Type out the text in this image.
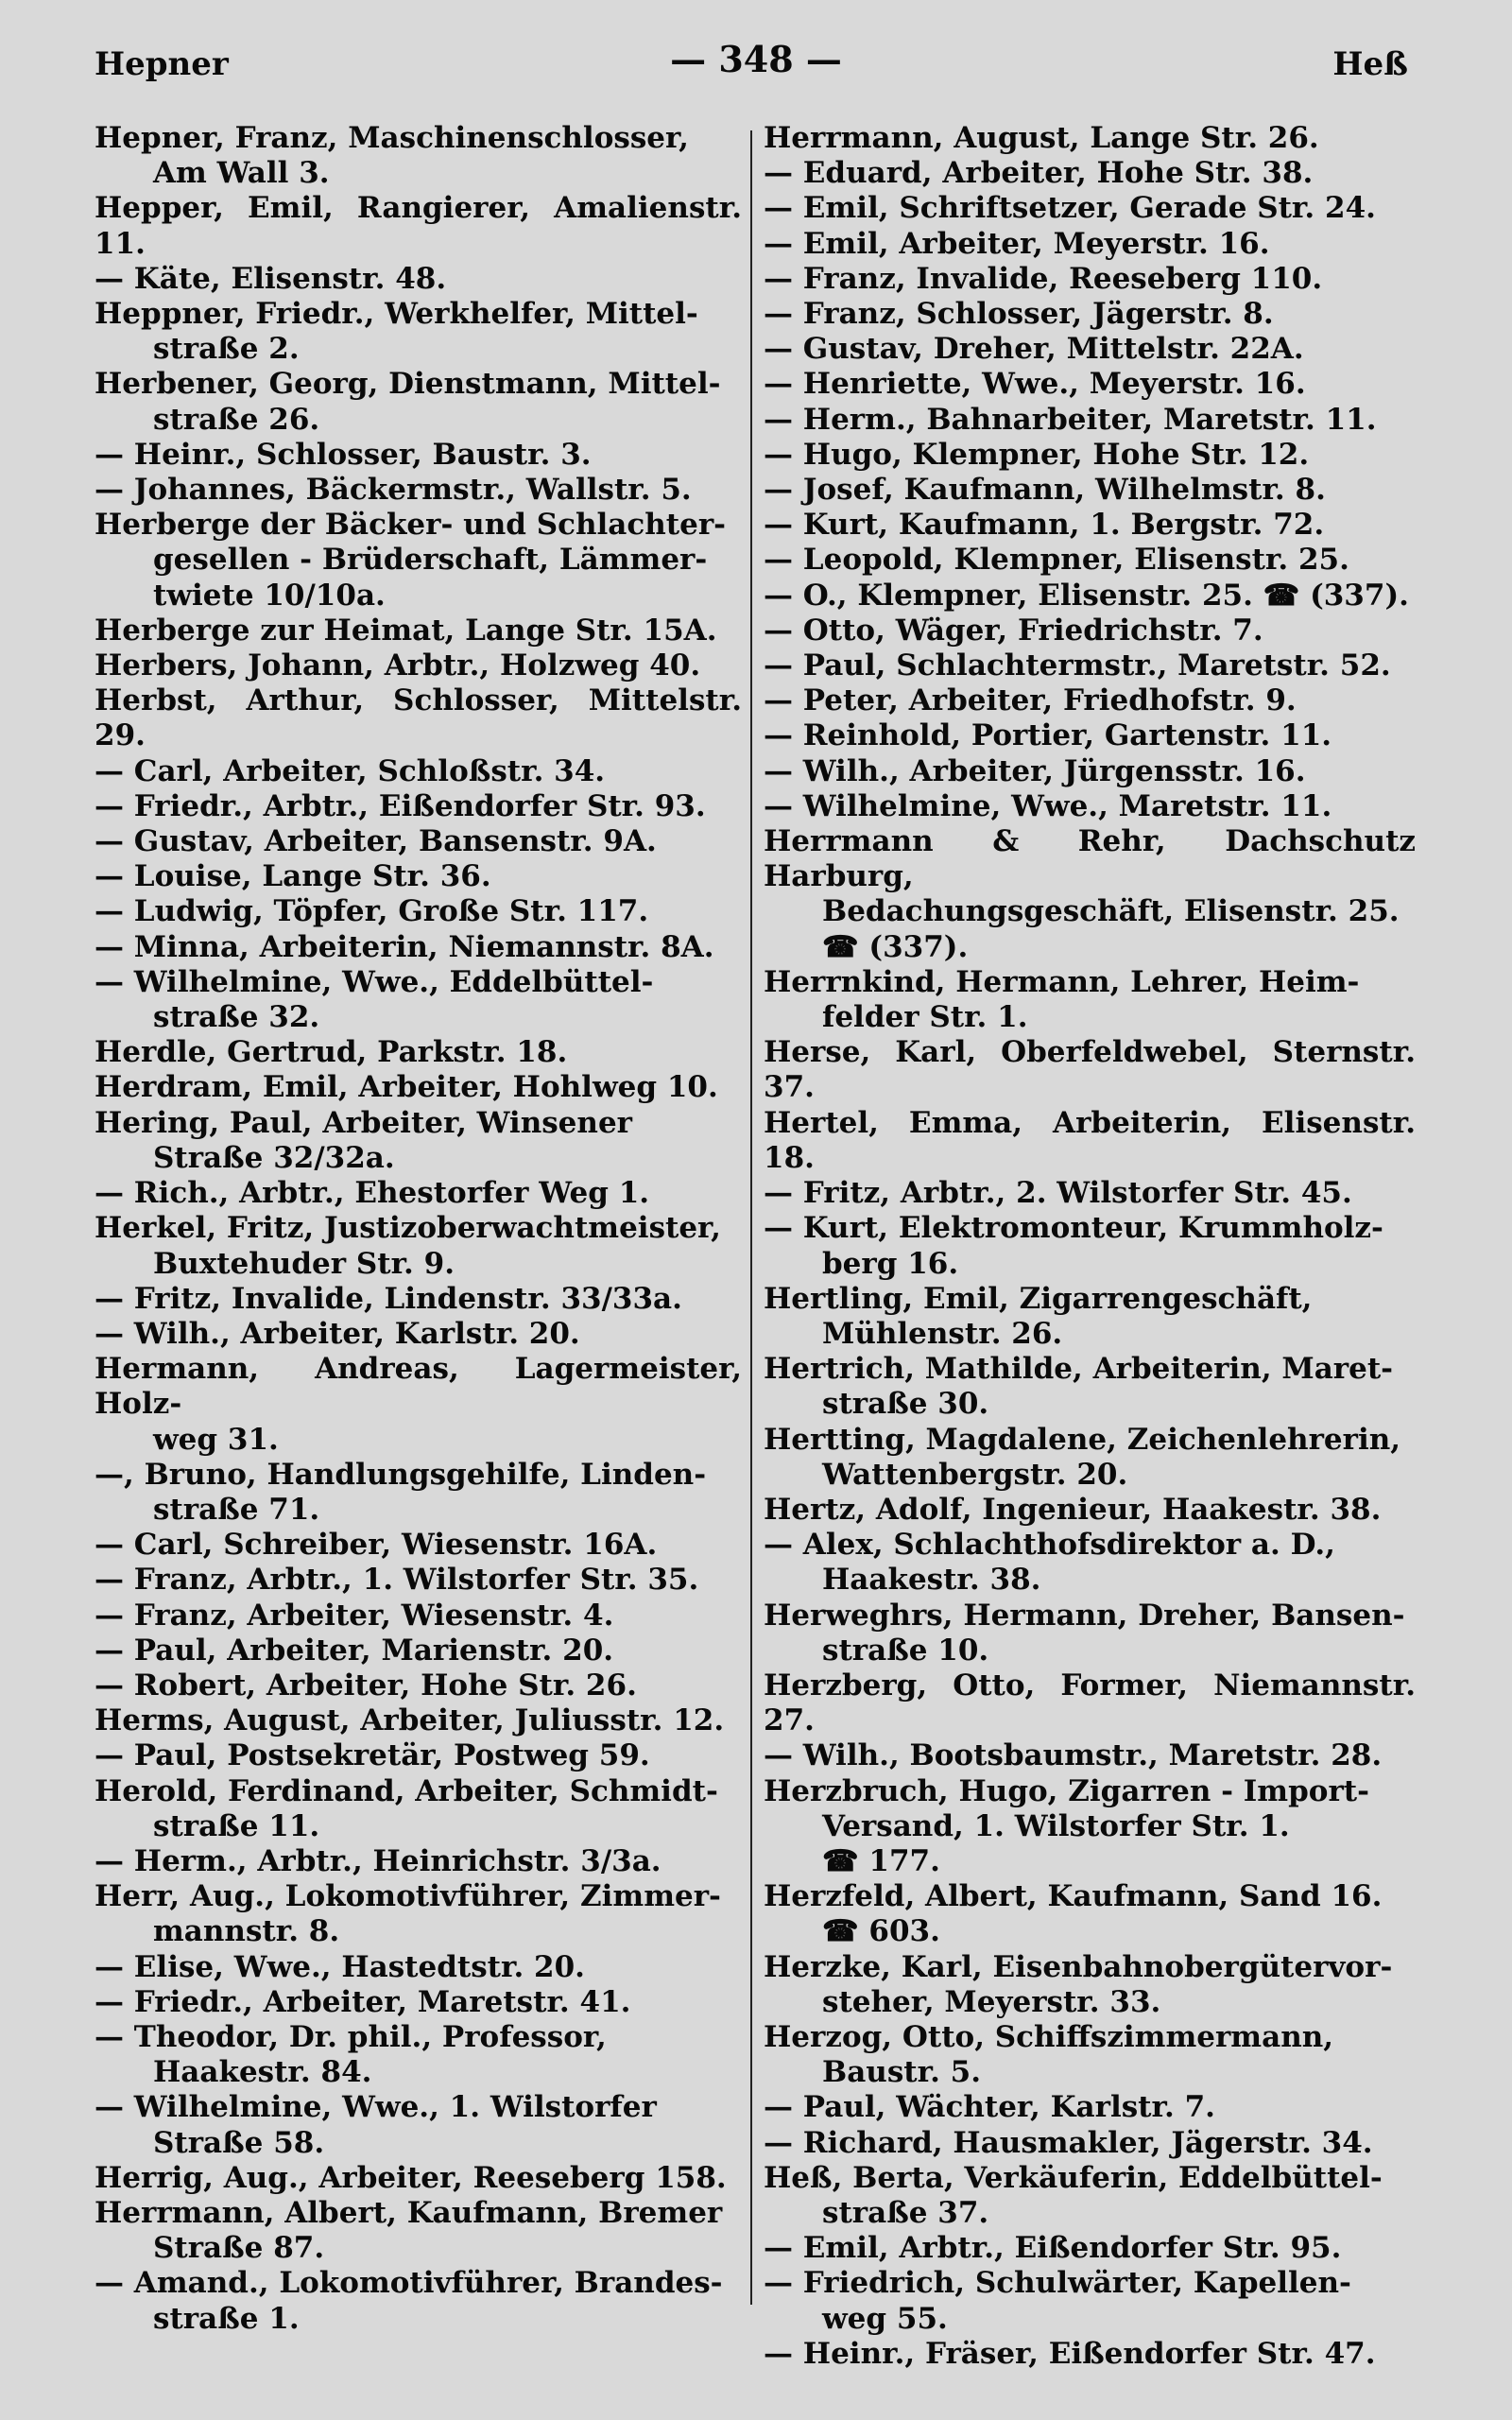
Hepner	— 348 —	Heß
Hepner, Franz, Maschinenschlosser,
Am Wall 3.
Hepper, Emil, Rangierer, Amalienstr. 11.
— Käte, Elisenstr. 48.
Heppner, Friedr., Werkhelfer, Mittel-
straße 2.
Herbener, Georg, Dienstmann, Mittel-
straße 26.
— Heinr., Schlosser, Baustr. 3.
— Johannes, Bäckermstr., Wallstr. 5.
Herberge der Bäcker- und Schlachter-
gesellen - Brüderschaft, Lämmer-
twiete 10/10a.
Herberge zur Heimat, Lange Str. 15A.
Herbers, Johann, Arbtr., Holzweg 40.
Herbst, Arthur, Schlosser, Mittelstr. 29.
— Carl, Arbeiter, Schloßstr. 34.
— Friedr., Arbtr., Eißendorfer Str. 93.
— Gustav, Arbeiter, Bansenstr. 9A.
— Louise, Lange Str. 36.
— Ludwig, Töpfer, Große Str. 117.
— Minna, Arbeiterin, Niemannstr. 8A.
— Wilhelmine, Wwe., Eddelbüttel-
straße 32.
Herdle, Gertrud, Parkstr. 18.
Herdram, Emil, Arbeiter, Hohlweg 10.
Hering, Paul, Arbeiter, Winsener
Straße 32/32a.
— Rich., Arbtr., Ehestorfer Weg 1.
Herkel, Fritz, Justizoberwachtmeister,
Buxtehuder Str. 9.
— Fritz, Invalide, Lindenstr. 33/33a.
— Wilh., Arbeiter, Karlstr. 20.
Hermann, Andreas, Lagermeister, Holz-
weg 31.
—, Bruno, Handlungsgehilfe, Linden-
straße 71.
— Carl, Schreiber, Wiesenstr. 16A.
— Franz, Arbtr., 1. Wilstorfer Str. 35.
— Franz, Arbeiter, Wiesenstr. 4.
— Paul, Arbeiter, Marienstr. 20.
— Robert, Arbeiter, Hohe Str. 26.
Herms, August, Arbeiter, Juliusstr. 12.
— Paul, Postsekretär, Postweg 59.
Herold, Ferdinand, Arbeiter, Schmidt-
straße 11.
— Herm., Arbtr., Heinrichstr. 3/3a.
Herr, Aug., Lokomotivführer, Zimmer-
mannstr. 8.
— Elise, Wwe., Hastedtstr. 20.
— Friedr., Arbeiter, Maretstr. 41.
— Theodor, Dr. phil., Professor,
Haakestr. 84.
— Wilhelmine, Wwe., 1. Wilstorfer
Straße 58.
Herrig, Aug., Arbeiter, Reeseberg 158.
Herrmann, Albert, Kaufmann, Bremer
Straße 87.
— Amand., Lokomotivführer, Brandes-
straße 1.
Herrmann, August, Lange Str. 26.
— Eduard, Arbeiter, Hohe Str. 38.
— Emil, Schriftsetzer, Gerade Str. 24.
— Emil, Arbeiter, Meyerstr. 16.
— Franz, Invalide, Reeseberg 110.
— Franz, Schlosser, Jägerstr. 8.
— Gustav, Dreher, Mittelstr. 22A.
— Henriette, Wwe., Meyerstr. 16.
— Herm., Bahnarbeiter, Maretstr. 11.
— Hugo, Klempner, Hohe Str. 12.
— Josef, Kaufmann, Wilhelmstr. 8.
— Kurt, Kaufmann, 1. Bergstr. 72.
— Leopold, Klempner, Elisenstr. 25.
— O., Klempner, Elisenstr. 25. ☎ (337).
— Otto, Wäger, Friedrichstr. 7.
— Paul, Schlachtermstr., Maretstr. 52.
— Peter, Arbeiter, Friedhofstr. 9.
— Reinhold, Portier, Gartenstr. 11.
— Wilh., Arbeiter, Jürgensstr. 16.
— Wilhelmine, Wwe., Maretstr. 11.
Herrmann & Rehr, Dachschutz Harburg,
Bedachungsgeschäft, Elisenstr. 25.
☎ (337).
Herrnkind, Hermann, Lehrer, Heim-
felder Str. 1.
Herse, Karl, Oberfeldwebel, Sternstr. 37.
Hertel, Emma, Arbeiterin, Elisenstr. 18.
— Fritz, Arbtr., 2. Wilstorfer Str. 45.
— Kurt, Elektromonteur, Krummholz-
berg 16.
Hertling, Emil, Zigarrengeschäft,
Mühlenstr. 26.
Hertrich, Mathilde, Arbeiterin, Maret-
straße 30.
Hertting, Magdalene, Zeichenlehrerin,
Wattenbergstr. 20.
Hertz, Adolf, Ingenieur, Haakestr. 38.
— Alex, Schlachthofsdirektor a. D.,
Haakestr. 38.
Herweghrs, Hermann, Dreher, Bansen-
straße 10.
Herzberg, Otto, Former, Niemannstr. 27.
— Wilh., Bootsbaumstr., Maretstr. 28.
Herzbruch, Hugo, Zigarren - Import-
Versand, 1. Wilstorfer Str. 1.
☎ 177.
Herzfeld, Albert, Kaufmann, Sand 16.
☎ 603.
Herzke, Karl, Eisenbahnobergütervor-
steher, Meyerstr. 33.
Herzog, Otto, Schiffszimmermann,
Baustr. 5.
— Paul, Wächter, Karlstr. 7.
— Richard, Hausmakler, Jägerstr. 34.
Heß, Berta, Verkäuferin, Eddelbüttel-
straße 37.
— Emil, Arbtr., Eißendorfer Str. 95.
— Friedrich, Schulwärter, Kapellen-
weg 55.
— Heinr., Fräser, Eißendorfer Str. 47.
